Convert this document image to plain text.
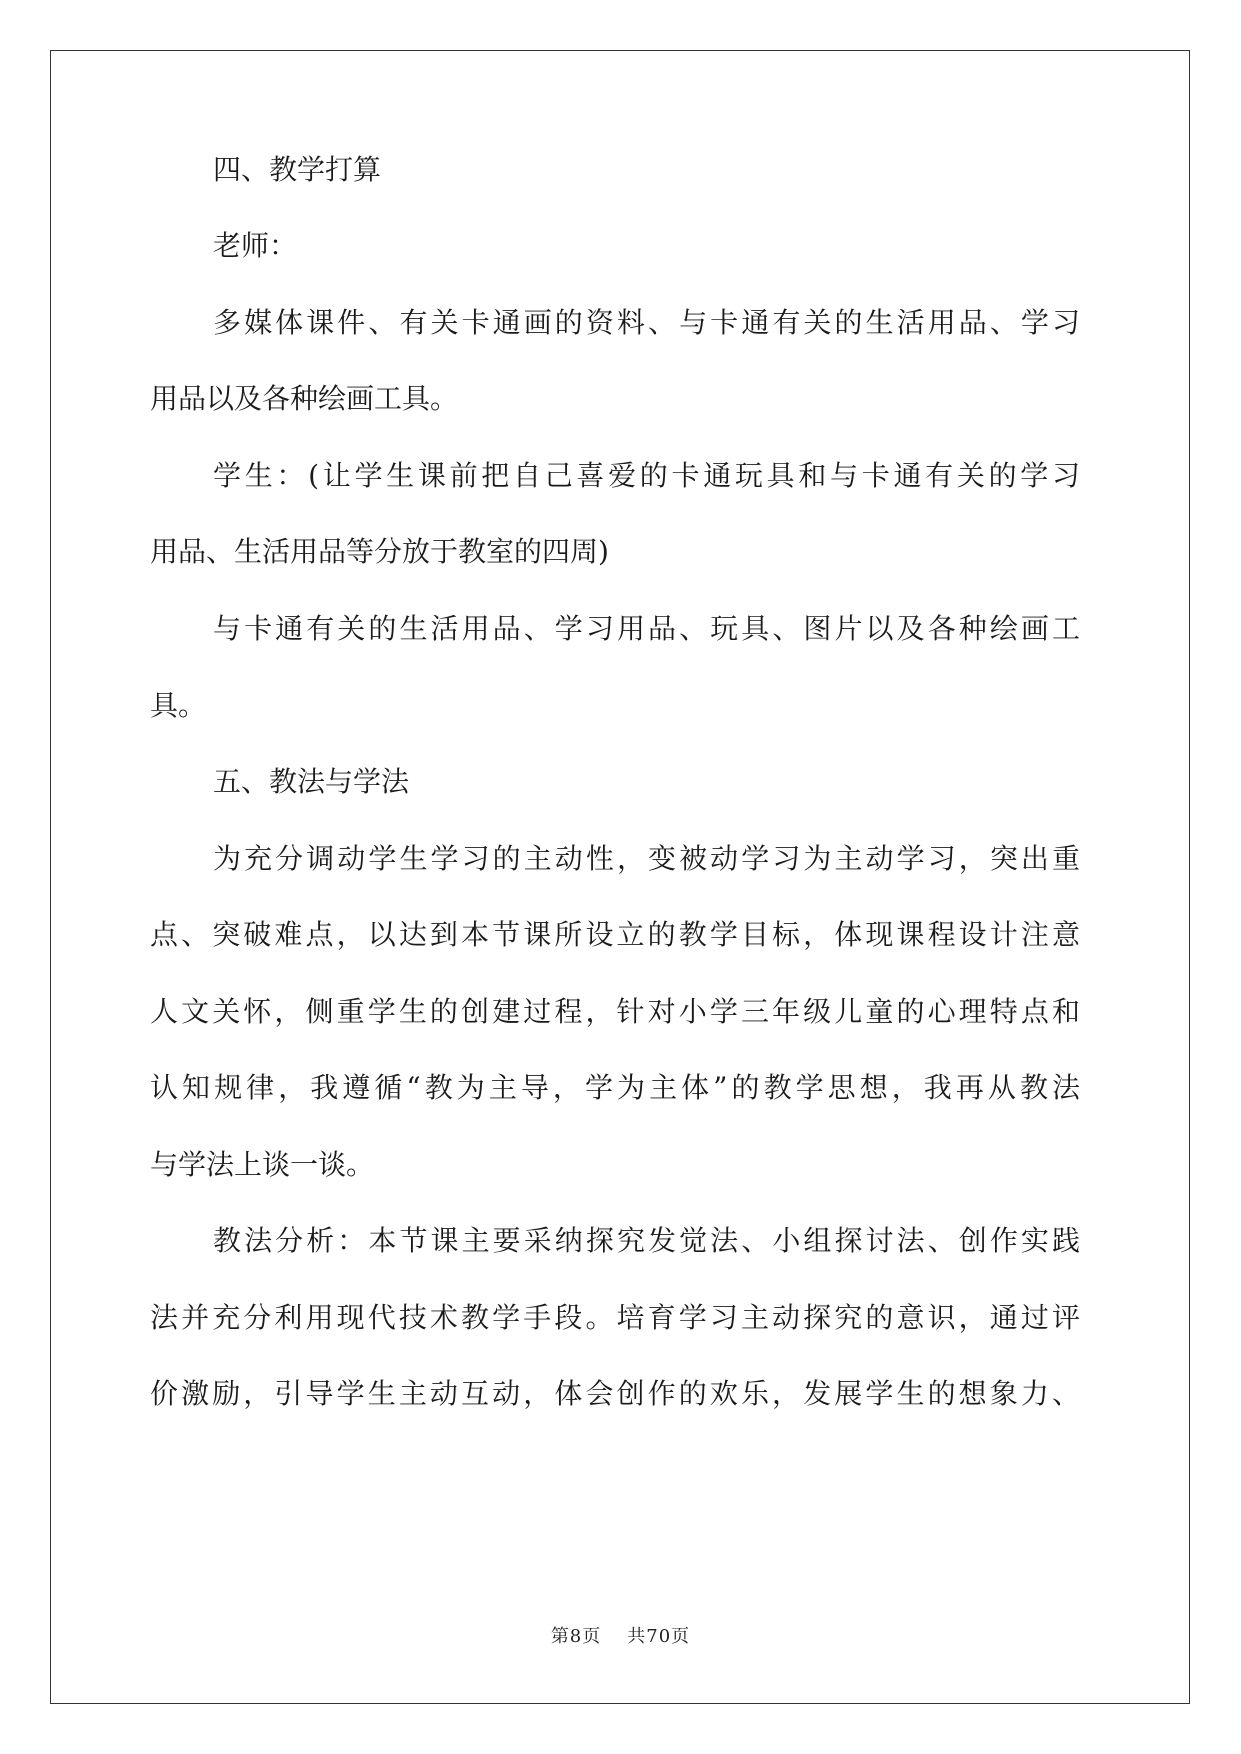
四、教学打算
老师：
多媒体课件、有关卡通画的资料、与卡通有关的生活用品、学习
用品以及各种绘画工具。
学生：(让学生课前把自己喜爱的卡通玩具和与卡通有关的学习
用品、生活用品等分放于教室的四周)
与卡通有关的生活用品、学习用品、玩具、图片以及各种绘画工
具。
五、教法与学法
为充分调动学生学习的主动性，变被动学习为主动学习，突出重
点、突破难点，以达到本节课所设立的教学目标，体现课程设计注意
人文关怀，侧重学生的创建过程，针对小学三年级儿童的心理特点和
认知规律，我遵循“教为主导，学为主体”的教学思想，我再从教法
与学法上谈一谈。
教法分析：本节课主要采纳探究发觉法、小组探讨法、创作实践
法并充分利用现代技术教学手段。培育学习主动探究的意识，通过评
价激励，引导学生主动互动，体会创作的欢乐，发展学生的想象力、
第8页 共70页
